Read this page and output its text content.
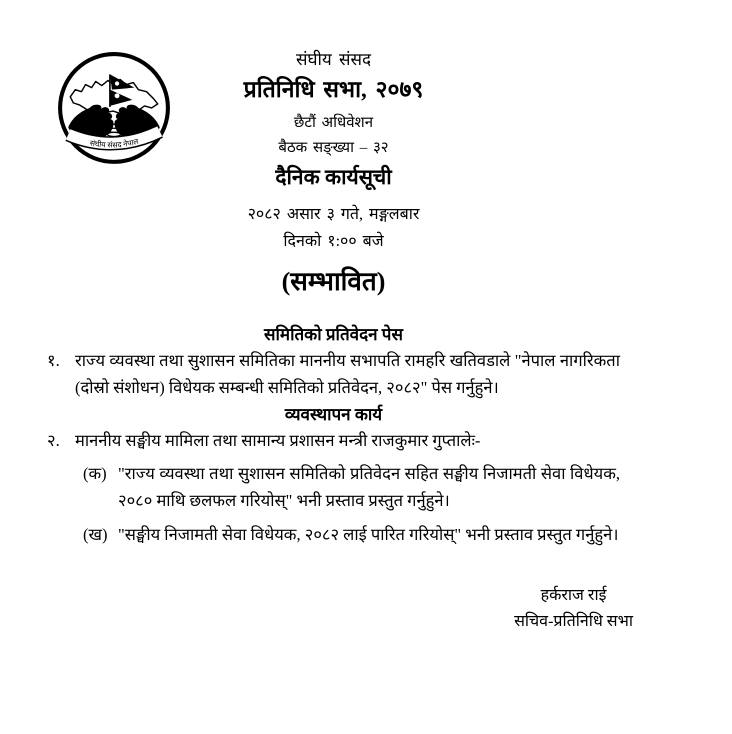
संघीय संसद नेपाल
संघीय संसद
प्रतिनिधि सभा, २०७९
छैटौं अधिवेशन
बैठक सङ्ख्या – ३२
दैनिक कार्यसूची
२०८२ असार ३ गते, मङ्गलबार
दिनको १:०० बजे
(सम्भावित)
समितिको प्रतिवेदन पेस
१. राज्य व्यवस्था तथा सुशासन समितिका माननीय सभापति रामहरि खतिवडाले "नेपाल नागरिकता (दोस्रो संशोधन) विधेयक सम्बन्धी समितिको प्रतिवेदन, २०८२" पेस गर्नुहुने।
व्यवस्थापन कार्य
२. माननीय सङ्घीय मामिला तथा सामान्य प्रशासन मन्त्री राजकुमार गुप्तालेः-
(क) "राज्य व्यवस्था तथा सुशासन समितिको प्रतिवेदन सहित सङ्घीय निजामती सेवा विधेयक, २०८० माथि छलफल गरियोस्" भनी प्रस्ताव प्रस्तुत गर्नुहुने।
(ख) "सङ्घीय निजामती सेवा विधेयक, २०८२ लाई पारित गरियोस्" भनी प्रस्ताव प्रस्तुत गर्नुहुने।
हर्कराज राई
सचिव-प्रतिनिधि सभा
